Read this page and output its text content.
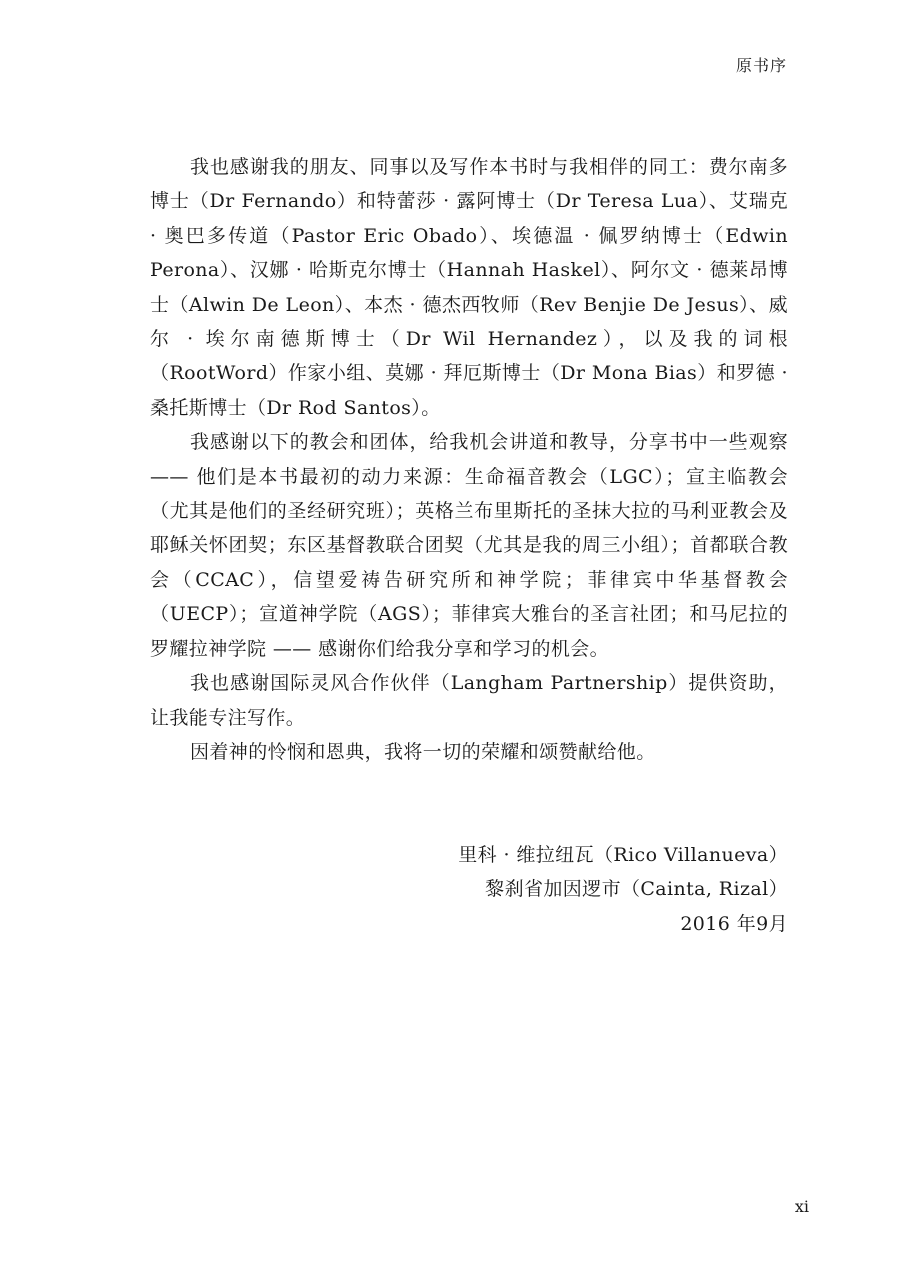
原书序

我也感谢我的朋友、同事以及写作本书时与我相伴的同工：费尔南多博士（Dr Fernando）和特蕾莎 · 露阿博士（Dr Teresa Lua）、艾瑞克 · 奥巴多传道（Pastor Eric Obado）、埃德温 · 佩罗纳博士（Edwin Perona）、汉娜 · 哈斯克尔博士（Hannah Haskel）、阿尔文 · 德莱昂博士（Alwin De Leon）、本杰 · 德杰西牧师（Rev Benjie De Jesus）、威尔 · 埃尔南德斯博士（Dr Wil Hernandez），以及我的词根（RootWord）作家小组、莫娜 · 拜厄斯博士（Dr Mona Bias）和罗德 · 桑托斯博士（Dr Rod Santos）。

我感谢以下的教会和团体，给我机会讲道和教导，分享书中一些观察 —— 他们是本书最初的动力来源：生命福音教会（LGC）；宣主临教会（尤其是他们的圣经研究班）；英格兰布里斯托的圣抹大拉的马利亚教会及耶稣关怀团契；东区基督教联合团契（尤其是我的周三小组）；首都联合教会（CCAC），信望爱祷告研究所和神学院；菲律宾中华基督教会（UECP）；宣道神学院（AGS）；菲律宾大雅台的圣言社团；和马尼拉的罗耀拉神学院 —— 感谢你们给我分享和学习的机会。

我也感谢国际灵风合作伙伴（Langham Partnership）提供资助，让我能专注写作。

因着神的怜悯和恩典，我将一切的荣耀和颂赞献给他。

里科 · 维拉纽瓦（Rico Villanueva）
黎刹省加因逻市（Cainta, Rizal）
2016 年9月
xi
